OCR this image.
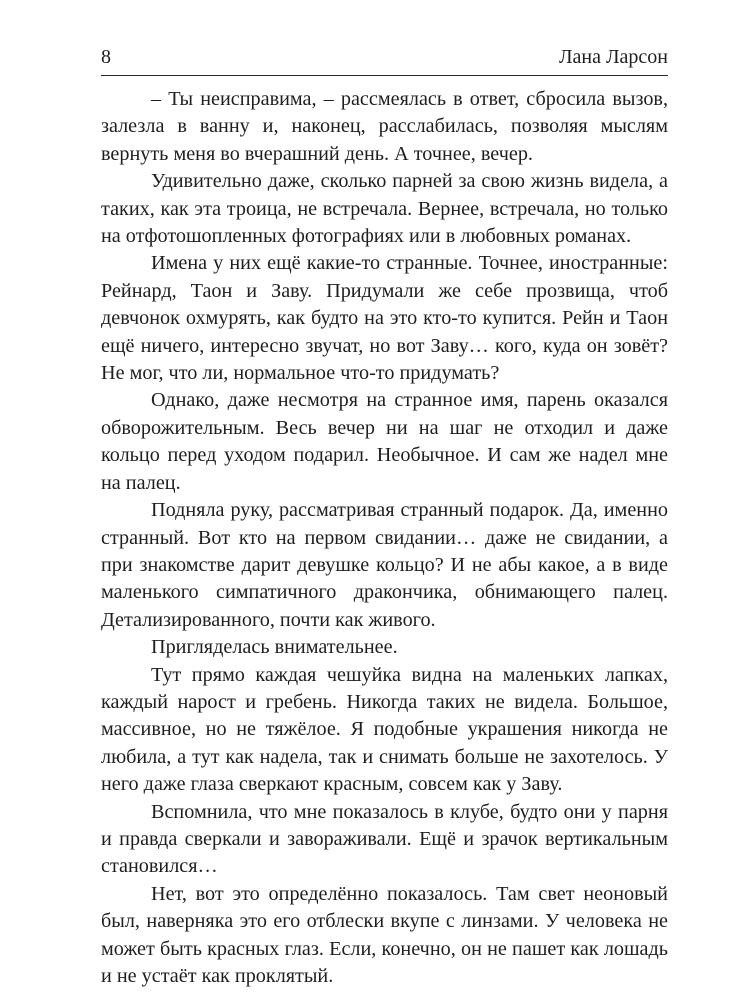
8	Лана Ларсон

– Ты неисправима, – рассмеялась в ответ, сбросила вызов, залезла в ванну и, наконец, расслабилась, позволяя мыслям вернуть меня во вчерашний день. А точнее, вечер.

Удивительно даже, сколько парней за свою жизнь видела, а таких, как эта троица, не встречала. Вернее, встречала, но только на отфотошопленных фотографиях или в любовных романах.

Имена у них ещё какие-то странные. Точнее, иностранные: Рейнард, Таон и Заву. Придумали же себе прозвища, чтоб девчонок охмурять, как будто на это кто-то купится. Рейн и Таон ещё ничего, интересно звучат, но вот Заву… кого, куда он зовёт? Не мог, что ли, нормальное что-то придумать?

Однако, даже несмотря на странное имя, парень оказался обворожительным. Весь вечер ни на шаг не отходил и даже кольцо перед уходом подарил. Необычное. И сам же надел мне на палец.

Подняла руку, рассматривая странный подарок. Да, именно странный. Вот кто на первом свидании… даже не свидании, а при знакомстве дарит девушке кольцо? И не абы какое, а в виде маленького симпатичного дракончика, обнимающего палец. Детализированного, почти как живого.

Пригляделась внимательнее.

Тут прямо каждая чешуйка видна на маленьких лапках, каждый нарост и гребень. Никогда таких не видела. Большое, массивное, но не тяжёлое. Я подобные украшения никогда не любила, а тут как надела, так и снимать больше не захотелось. У него даже глаза сверкают красным, совсем как у Заву.

Вспомнила, что мне показалось в клубе, будто они у парня и правда сверкали и завораживали. Ещё и зрачок вертикальным становился…

Нет, вот это определённо показалось. Там свет неоновый был, наверняка это его отблески вкупе с линзами. У человека не может быть красных глаз. Если, конечно, он не пашет как лошадь и не устаёт как проклятый.
